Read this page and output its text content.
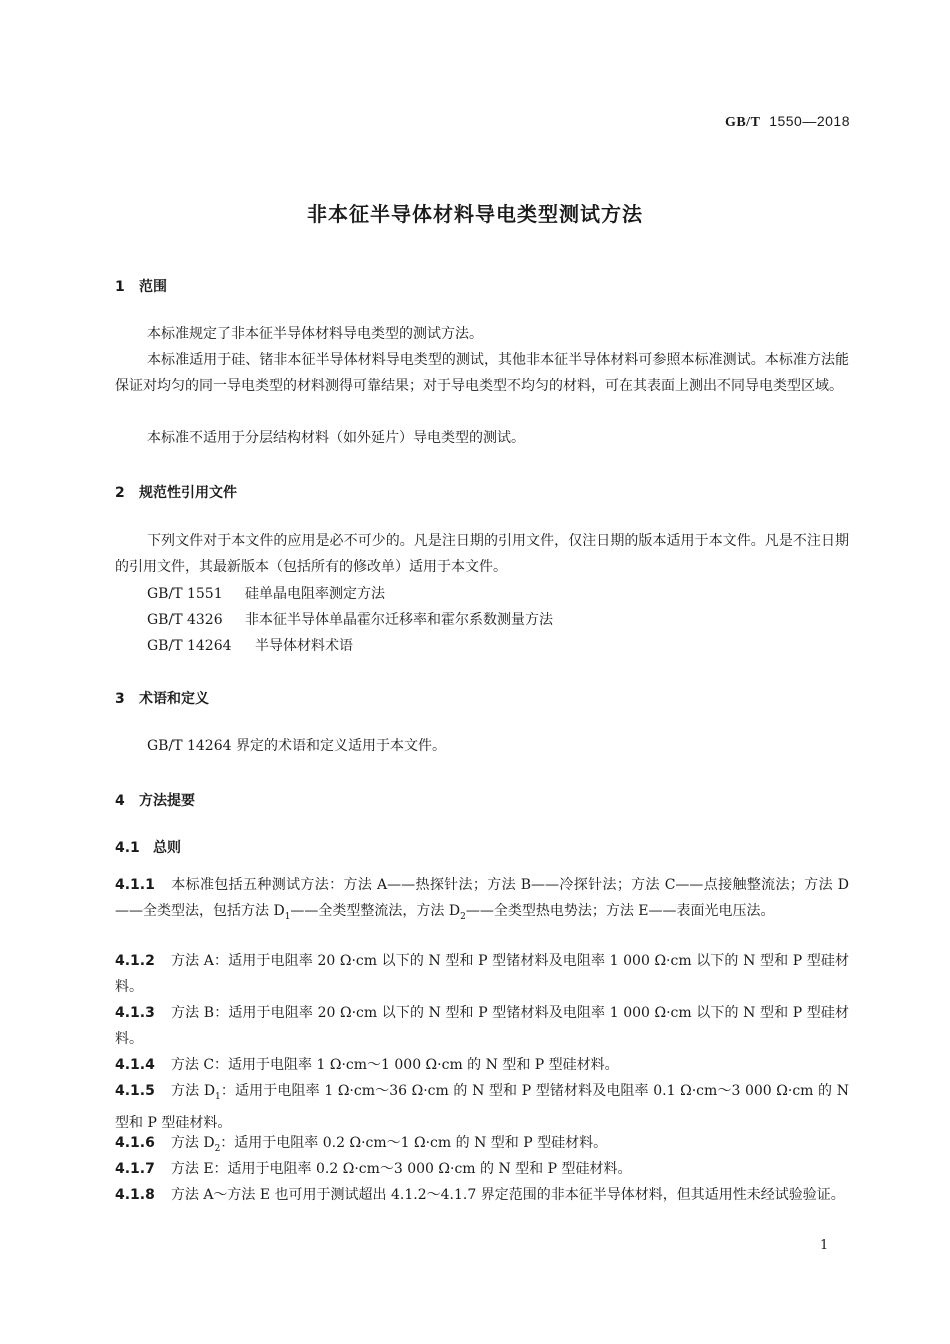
GB/T 1550—2018
非本征半导体材料导电类型测试方法
1 范围
本标准规定了非本征半导体材料导电类型的测试方法。
本标准适用于硅、锗非本征半导体材料导电类型的测试，其他非本征半导体材料可参照本标准测试。本标准方法能保证对均匀的同一导电类型的材料测得可靠结果；对于导电类型不均匀的材料，可在其表面上测出不同导电类型区域。
本标准不适用于分层结构材料（如外延片）导电类型的测试。
2 规范性引用文件
下列文件对于本文件的应用是必不可少的。凡是注日期的引用文件，仅注日期的版本适用于本文件。凡是不注日期的引用文件，其最新版本（包括所有的修改单）适用于本文件。
GB/T 1551 硅单晶电阻率测定方法
GB/T 4326 非本征半导体单晶霍尔迁移率和霍尔系数测量方法
GB/T 14264 半导体材料术语
3 术语和定义
GB/T 14264 界定的术语和定义适用于本文件。
4 方法提要
4.1 总则
4.1.1 本标准包括五种测试方法：方法 A——热探针法；方法 B——冷探针法；方法 C——点接触整流法；方法 D——全类型法，包括方法 $D_1——$全类型整流法，方法 $D_2——$全类型热电势法；方法 E——表面光电压法。
4.1.2 方法 A：适用于电阻率 20 Ω·cm 以下的 N 型和 P 型锗材料及电阻率 1 000 Ω·cm 以下的 N 型和 P 型硅材料。
4.1.3 方法 B：适用于电阻率 20 Ω·cm 以下的 N 型和 P 型锗材料及电阻率 1 000 Ω·cm 以下的 N 型和 P 型硅材料。
4.1.4 方法 C：适用于电阻率 1 Ω·cm～1 000 Ω·cm 的 N 型和 P 型硅材料。
4.1.5 方法 $D_1$：适用于电阻率 1 Ω·cm～36 Ω·cm 的 N 型和 P 型锗材料及电阻率 0.1 Ω·cm～3 000 Ω·cm 的 N 型和 P 型硅材料。
4.1.6 方法 $D_2$：适用于电阻率 0.2 Ω·cm～1 Ω·cm 的 N 型和 P 型硅材料。
4.1.7 方法 E：适用于电阻率 0.2 Ω·cm～3 000 Ω·cm 的 N 型和 P 型硅材料。
4.1.8 方法 A～方法 E 也可用于测试超出 4.1.2～4.1.7 界定范围的非本征半导体材料，但其适用性未经试验验证。
1
